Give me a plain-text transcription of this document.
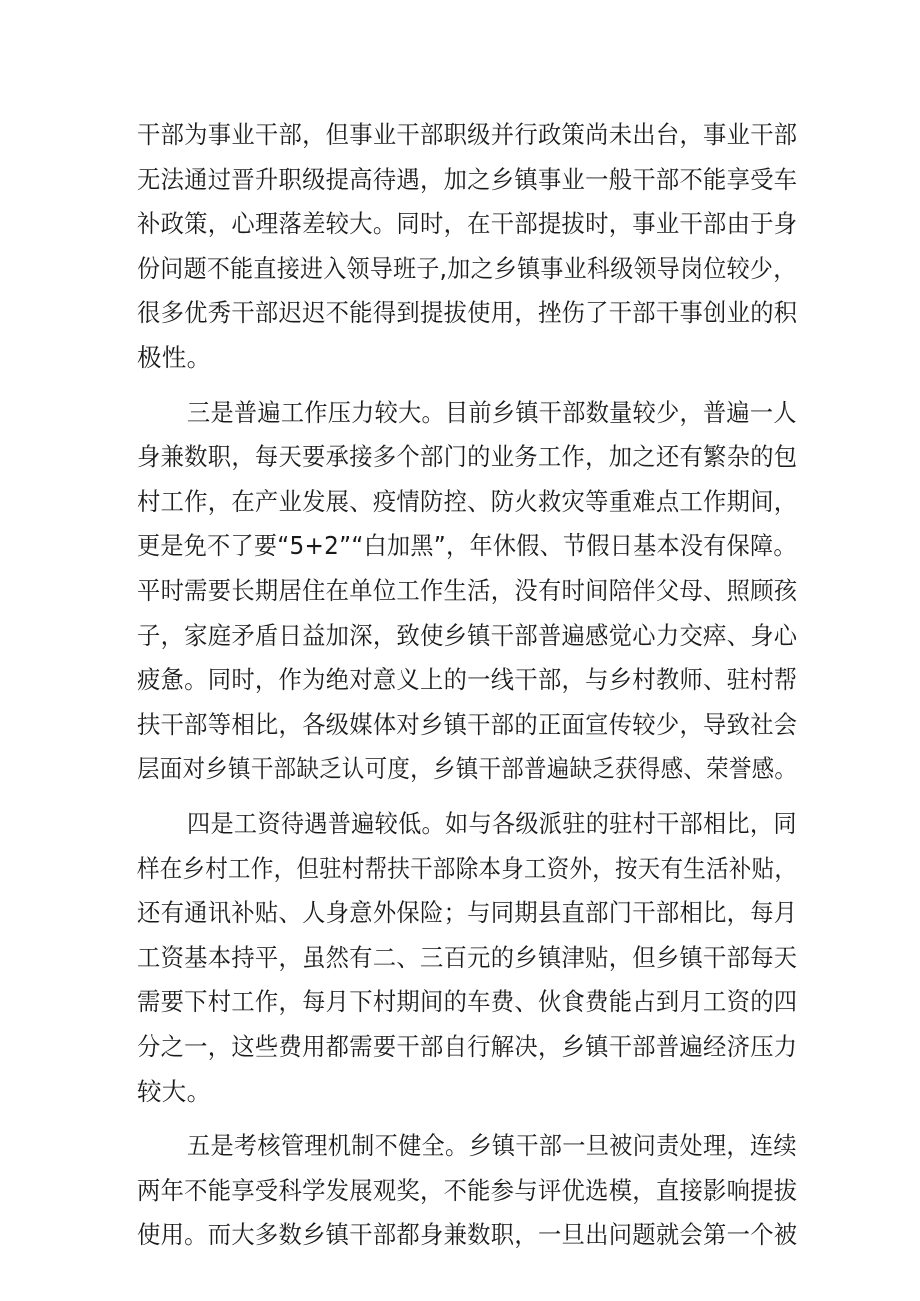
干部为事业干部，但事业干部职级并行政策尚未出台，事业干部
无法通过晋升职级提高待遇，加之乡镇事业一般干部不能享受车
补政策，心理落差较大。同时，在干部提拔时，事业干部由于身
份问题不能直接进入领导班子,加之乡镇事业科级领导岗位较少，
很多优秀干部迟迟不能得到提拔使用，挫伤了干部干事创业的积
极性。
三是普遍工作压力较大。目前乡镇干部数量较少，普遍一人
身兼数职，每天要承接多个部门的业务工作，加之还有繁杂的包
村工作，在产业发展、疫情防控、防火救灾等重难点工作期间，
更是免不了要“5+2”“白加黑”，年休假、节假日基本没有保障。
平时需要长期居住在单位工作生活，没有时间陪伴父母、照顾孩
子，家庭矛盾日益加深，致使乡镇干部普遍感觉心力交瘁、身心
疲惫。同时，作为绝对意义上的一线干部，与乡村教师、驻村帮
扶干部等相比，各级媒体对乡镇干部的正面宣传较少，导致社会
层面对乡镇干部缺乏认可度，乡镇干部普遍缺乏获得感、荣誉感。
四是工资待遇普遍较低。如与各级派驻的驻村干部相比，同
样在乡村工作，但驻村帮扶干部除本身工资外，按天有生活补贴，
还有通讯补贴、人身意外保险；与同期县直部门干部相比，每月
工资基本持平，虽然有二、三百元的乡镇津贴，但乡镇干部每天
需要下村工作，每月下村期间的车费、伙食费能占到月工资的四
分之一，这些费用都需要干部自行解决，乡镇干部普遍经济压力
较大。
五是考核管理机制不健全。乡镇干部一旦被问责处理，连续
两年不能享受科学发展观奖，不能参与评优选模，直接影响提拔
使用。而大多数乡镇干部都身兼数职，一旦出问题就会第一个被
